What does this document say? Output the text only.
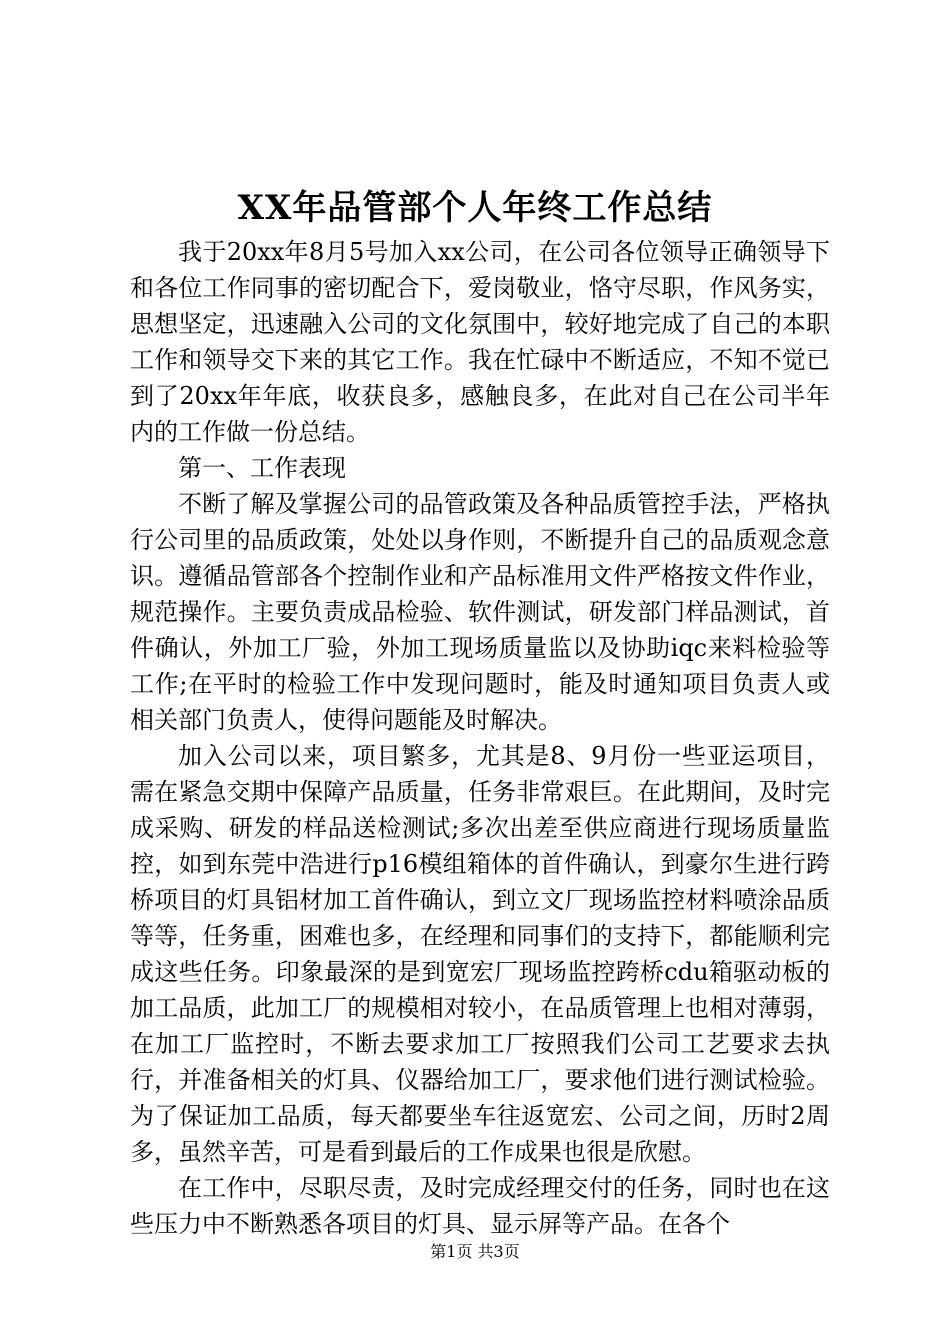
XX年品管部个人年终工作总结

我于20xx年8月5号加入xx公司，在公司各位领导正确领导下和各位工作同事的密切配合下，爱岗敬业，恪守尽职，作风务实，思想坚定，迅速融入公司的文化氛围中，较好地完成了自己的本职工作和领导交下来的其它工作。我在忙碌中不断适应，不知不觉已到了20xx年年底，收获良多，感触良多，在此对自己在公司半年内的工作做一份总结。

第一、工作表现

不断了解及掌握公司的品管政策及各种品质管控手法，严格执行公司里的品质政策，处处以身作则，不断提升自己的品质观念意识。遵循品管部各个控制作业和产品标准用文件严格按文件作业，规范操作。主要负责成品检验、软件测试，研发部门样品测试，首件确认，外加工厂验，外加工现场质量监以及协助iqc来料检验等工作;在平时的检验工作中发现问题时，能及时通知项目负责人或相关部门负责人，使得问题能及时解决。

加入公司以来，项目繁多，尤其是8、9月份一些亚运项目，需在紧急交期中保障产品质量，任务非常艰巨。在此期间，及时完成采购、研发的样品送检测试;多次出差至供应商进行现场质量监控，如到东莞中浩进行p16模组箱体的首件确认，到豪尔生进行跨桥项目的灯具铝材加工首件确认，到立文厂现场监控材料喷涂品质等等，任务重，困难也多，在经理和同事们的支持下，都能顺利完成这些任务。印象最深的是到宽宏厂现场监控跨桥cdu箱驱动板的加工品质，此加工厂的规模相对较小，在品质管理上也相对薄弱，在加工厂监控时，不断去要求加工厂按照我们公司工艺要求去执行，并准备相关的灯具、仪器给加工厂，要求他们进行测试检验。为了保证加工品质，每天都要坐车往返宽宏、公司之间，历时2周多，虽然辛苦，可是看到最后的工作成果也很是欣慰。

在工作中，尽职尽责，及时完成经理交付的任务，同时也在这些压力中不断熟悉各项目的灯具、显示屏等产品。在各个

第1页 共3页
